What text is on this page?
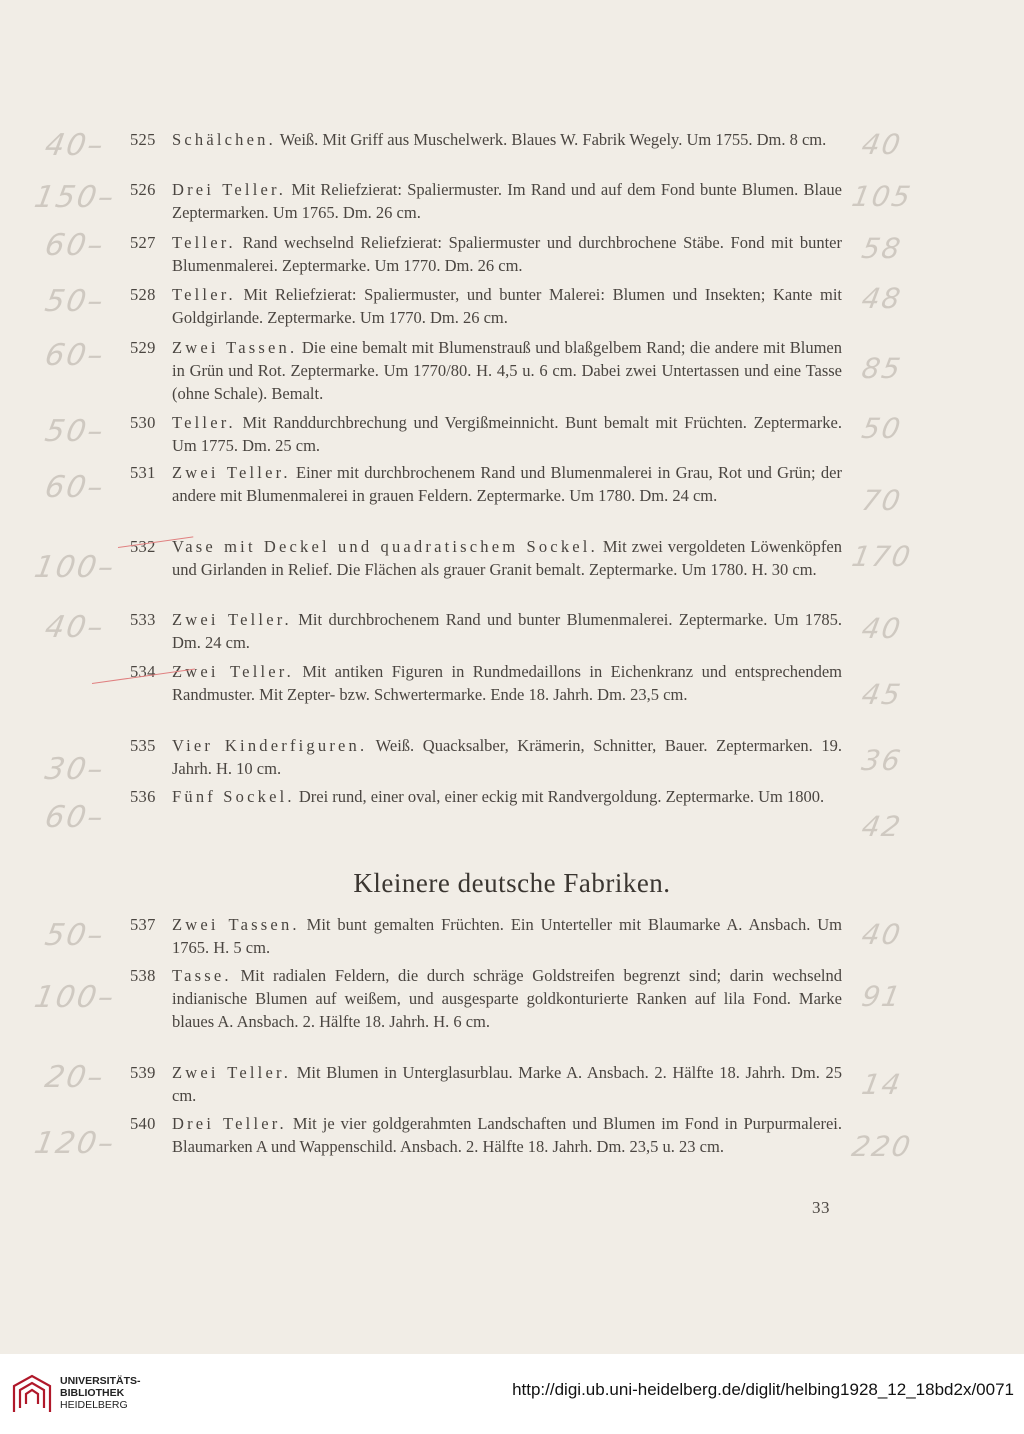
525 Schälchen. Weiß. Mit Griff aus Muschelwerk. Blaues W. Fabrik Wegely. Um 1755. Dm. 8 cm.
526 Drei Teller. Mit Reliefzierat: Spaliermuster. Im Rand und auf dem Fond bunte Blumen. Blaue Zeptermarken. Um 1765. Dm. 26 cm.
527 Teller. Rand wechselnd Reliefzierat: Spaliermuster und durchbrochene Stäbe. Fond mit bunter Blumenmalerei. Zeptermarke. Um 1770. Dm. 26 cm.
528 Teller. Mit Reliefzierat: Spaliermuster, und bunter Malerei: Blumen und Insekten; Kante mit Goldgirlande. Zeptermarke. Um 1770. Dm. 26 cm.
529 Zwei Tassen. Die eine bemalt mit Blumenstrauß und blaßgelbem Rand; die andere mit Blumen in Grün und Rot. Zeptermarke. Um 1770/80. H. 4,5 u. 6 cm. Dabei zwei Untertassen und eine Tasse (ohne Schale). Bemalt.
530 Teller. Mit Randdurchbrechung und Vergißmeinnicht. Bunt bemalt mit Früchten. Zeptermarke. Um 1775. Dm. 25 cm.
531 Zwei Teller. Einer mit durchbrochenem Rand und Blumenmalerei in Grau, Rot und Grün; der andere mit Blumenmalerei in grauen Feldern. Zeptermarke. Um 1780. Dm. 24 cm.
532 Vase mit Deckel und quadratischem Sockel. Mit zwei vergoldeten Löwenköpfen und Girlanden in Relief. Die Flächen als grauer Granit bemalt. Zeptermarke. Um 1780. H. 30 cm.
533 Zwei Teller. Mit durchbrochenem Rand und bunter Blumenmalerei. Zeptermarke. Um 1785. Dm. 24 cm.
534 Zwei Teller. Mit antiken Figuren in Rundmedaillons in Eichenkranz und entsprechendem Randmuster. Mit Zepter- bzw. Schwertermarke. Ende 18. Jahrh. Dm. 23,5 cm.
535 Vier Kinderfiguren. Weiß. Quacksalber, Krämerin, Schnitter, Bauer. Zeptermarken. 19. Jahrh. H. 10 cm.
536 Fünf Sockel. Drei rund, einer oval, einer eckig mit Randvergoldung. Zeptermarke. Um 1800.
Kleinere deutsche Fabriken.
537 Zwei Tassen. Mit bunt gemalten Früchten. Ein Unterteller mit Blaumarke A. Ansbach. Um 1765. H. 5 cm.
538 Tasse. Mit radialen Feldern, die durch schräge Goldstreifen begrenzt sind; darin wechselnd indianische Blumen auf weißem, und ausgesparte goldkonturierte Ranken auf lila Fond. Marke blaues A. Ansbach. 2. Hälfte 18. Jahrh. H. 6 cm.
539 Zwei Teller. Mit Blumen in Unterglasurblau. Marke A. Ansbach. 2. Hälfte 18. Jahrh. Dm. 25 cm.
540 Drei Teller. Mit je vier goldgerahmten Landschaften und Blumen im Fond in Purpurmalerei. Blaumarken A und Wappenschild. Ansbach. 2. Hälfte 18. Jahrh. Dm. 23,5 u. 23 cm.
40–
150–
60–
50–
60–
50–
60–
100–
40–
30–
60–
50–
100–
20–
120–
40
105
58
48
85
50
70
170
40
45
36
42
40
91
14
220
33
UNIVERSITÄTS-
BIBLIOTHEK
HEIDELBERG
http://digi.ub.uni-heidelberg.de/diglit/helbing1928_12_18bd2x/0071
